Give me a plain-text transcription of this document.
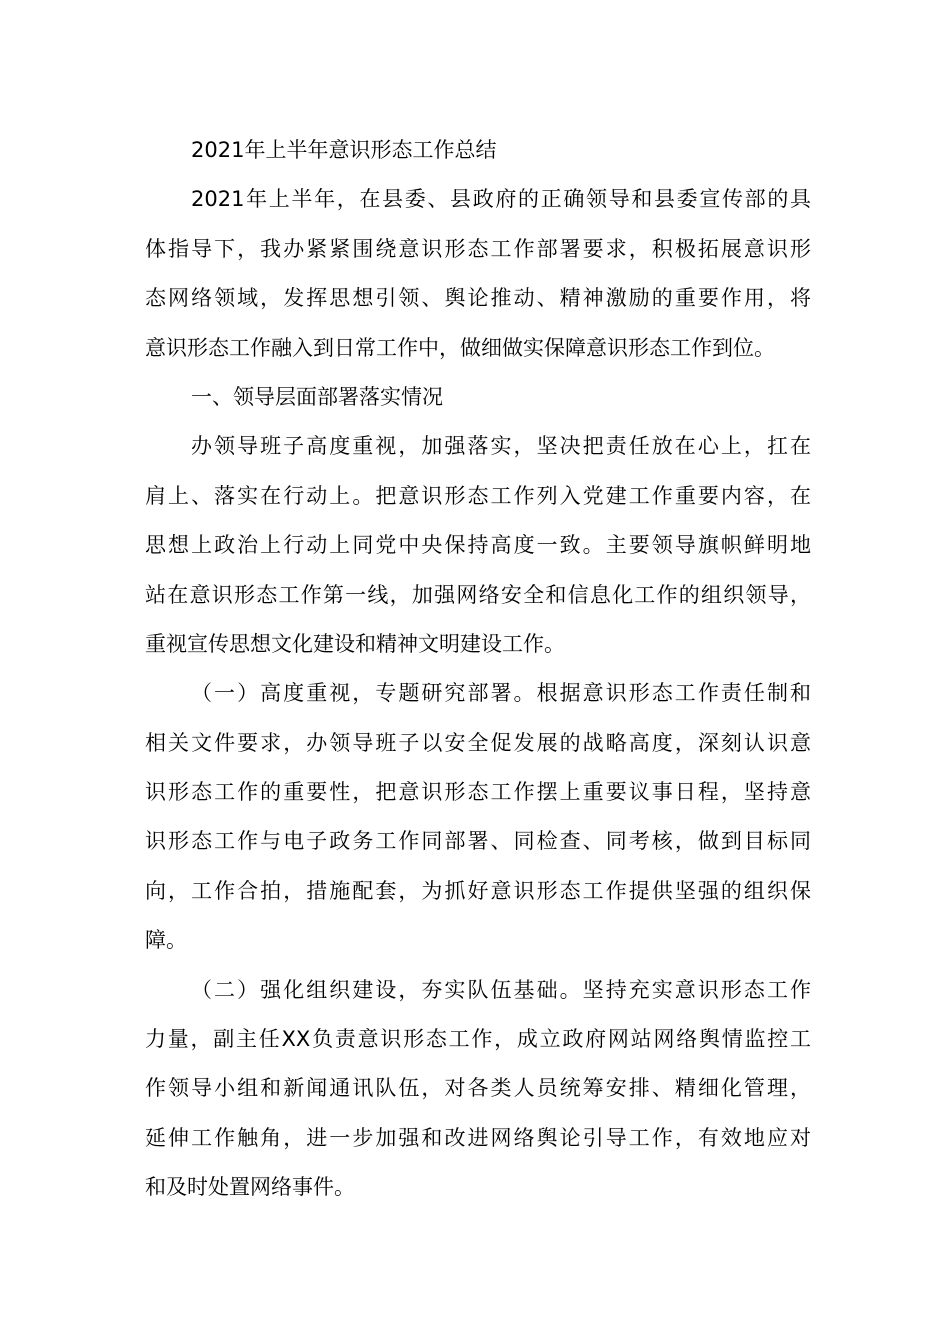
2021年上半年意识形态工作总结
2021年上半年，在县委、县政府的正确领导和县委宣传部的具
体指导下，我办紧紧围绕意识形态工作部署要求，积极拓展意识形
态网络领域，发挥思想引领、舆论推动、精神激励的重要作用，将
意识形态工作融入到日常工作中，做细做实保障意识形态工作到位。
一、领导层面部署落实情况
办领导班子高度重视，加强落实，坚决把责任放在心上，扛在
肩上、落实在行动上。把意识形态工作列入党建工作重要内容，在
思想上政治上行动上同党中央保持高度一致。主要领导旗帜鲜明地
站在意识形态工作第一线，加强网络安全和信息化工作的组织领导，
重视宣传思想文化建设和精神文明建设工作。
（一）高度重视，专题研究部署。根据意识形态工作责任制和
相关文件要求，办领导班子以安全促发展的战略高度，深刻认识意
识形态工作的重要性，把意识形态工作摆上重要议事日程，坚持意
识形态工作与电子政务工作同部署、同检查、同考核，做到目标同
向，工作合拍，措施配套，为抓好意识形态工作提供坚强的组织保
障。
（二）强化组织建设，夯实队伍基础。坚持充实意识形态工作
力量，副主任XX负责意识形态工作，成立政府网站网络舆情监控工
作领导小组和新闻通讯队伍，对各类人员统筹安排、精细化管理，
延伸工作触角，进一步加强和改进网络舆论引导工作，有效地应对
和及时处置网络事件。
